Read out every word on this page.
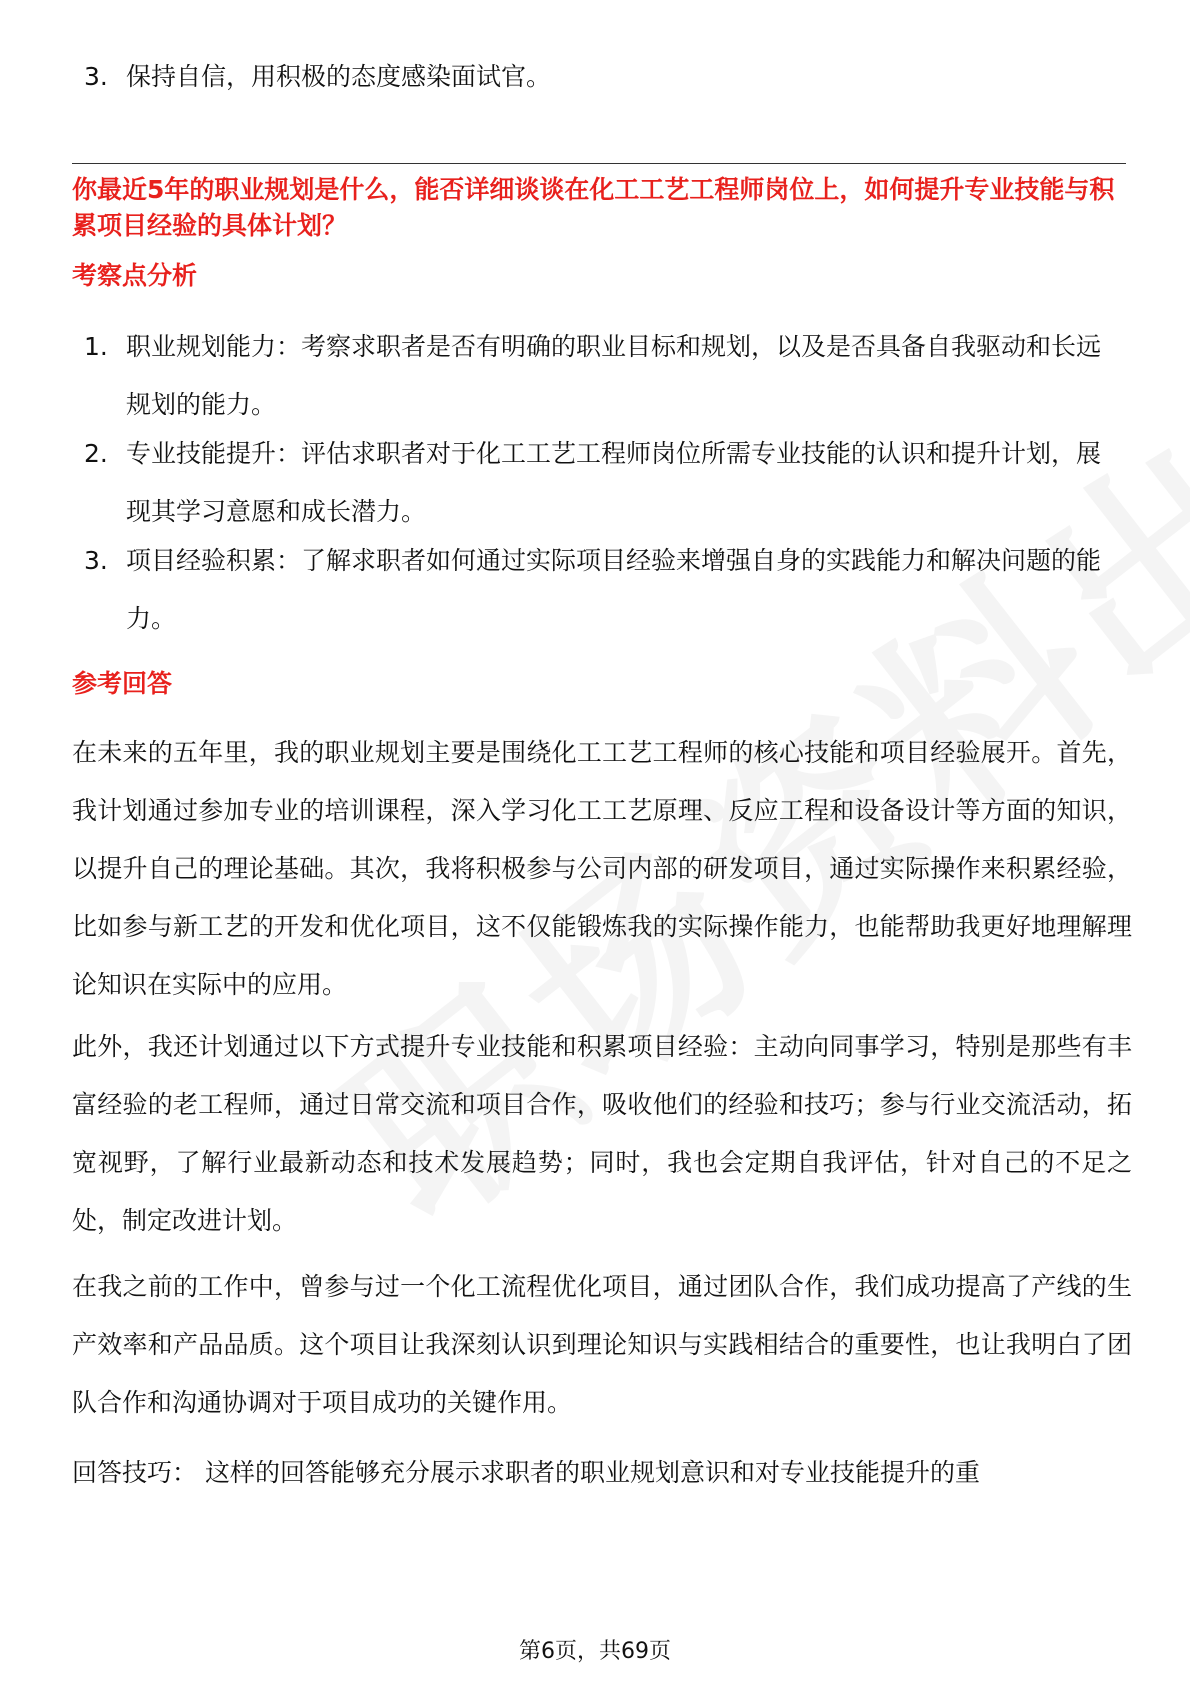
3. 保持自信，用积极的态度感染面试官。

你最近5年的职业规划是什么，能否详细谈谈在化工工艺工程师岗位上，如何提升专业技能与积累项目经验的具体计划？

考察点分析

1. 职业规划能力：考察求职者是否有明确的职业目标和规划，以及是否具备自我驱动和长远规划的能力。
2. 专业技能提升：评估求职者对于化工工艺工程师岗位所需专业技能的认识和提升计划，展现其学习意愿和成长潜力。
3. 项目经验积累：了解求职者如何通过实际项目经验来增强自身的实践能力和解决问题的能力。

参考回答

在未来的五年里，我的职业规划主要是围绕化工工艺工程师的核心技能和项目经验展开。首先，我计划通过参加专业的培训课程，深入学习化工工艺原理、反应工程和设备设计等方面的知识，以提升自己的理论基础。其次，我将积极参与公司内部的研发项目，通过实际操作来积累经验，比如参与新工艺的开发和优化项目，这不仅能锻炼我的实际操作能力，也能帮助我更好地理解理论知识在实际中的应用。

此外，我还计划通过以下方式提升专业技能和积累项目经验：主动向同事学习，特别是那些有丰富经验的老工程师，通过日常交流和项目合作，吸收他们的经验和技巧；参与行业交流活动，拓宽视野，了解行业最新动态和技术发展趋势；同时，我也会定期自我评估，针对自己的不足之处，制定改进计划。

在我之前的工作中，曾参与过一个化工流程优化项目，通过团队合作，我们成功提高了产线的生产效率和产品品质。这个项目让我深刻认识到理论知识与实践相结合的重要性，也让我明白了团队合作和沟通协调对于项目成功的关键作用。

回答技巧： 这样的回答能够充分展示求职者的职业规划意识和对专业技能提升的重

第6页，共69页
